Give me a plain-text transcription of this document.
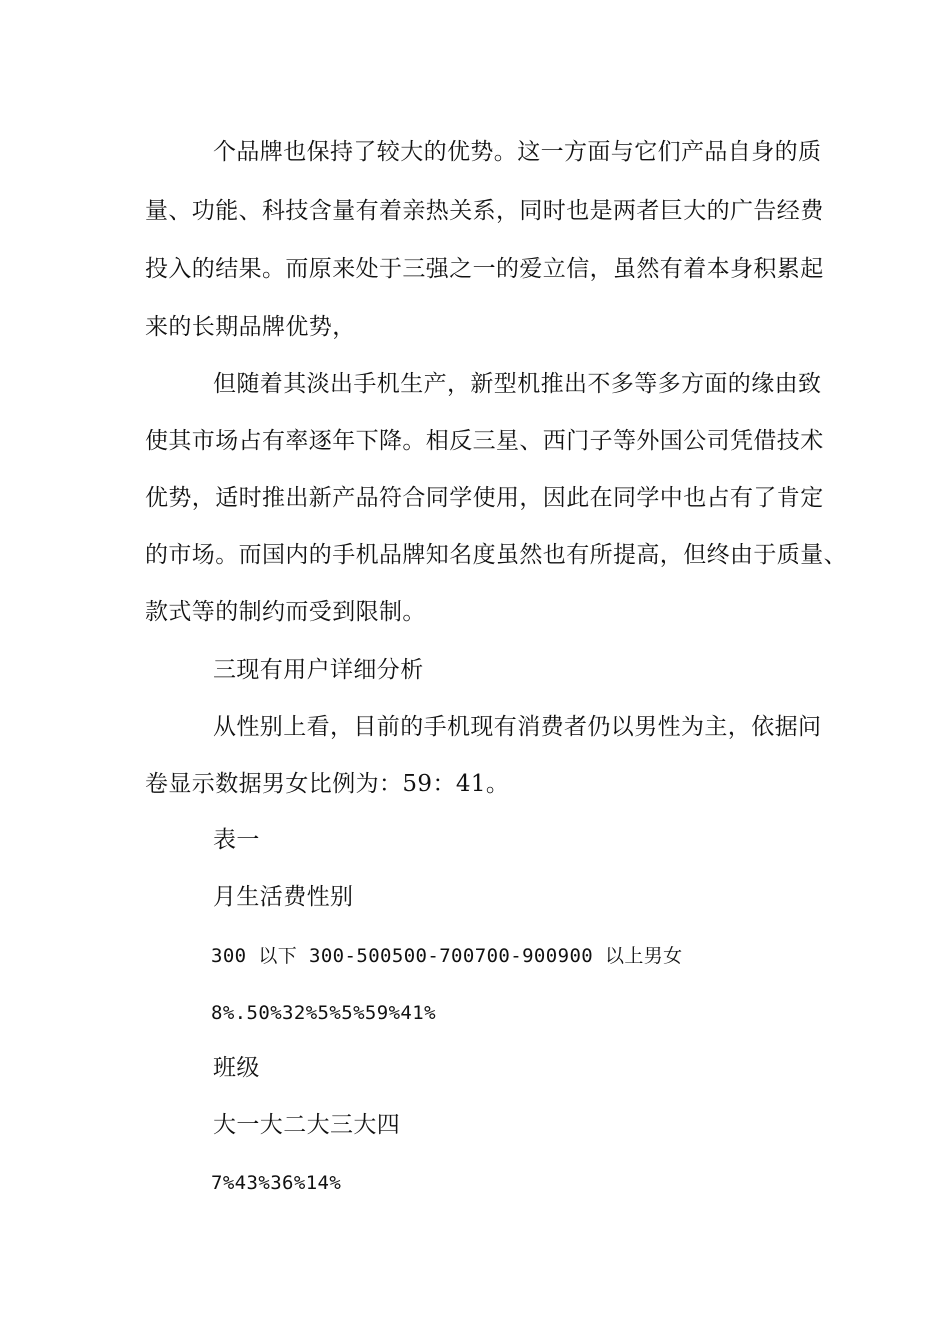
个品牌也保持了较大的优势。这一方面与它们产品自身的质
量、功能、科技含量有着亲热关系，同时也是两者巨大的广告经费
投入的结果。而原来处于三强之一的爱立信，虽然有着本身积累起
来的长期品牌优势，
但随着其淡出手机生产，新型机推出不多等多方面的缘由致
使其市场占有率逐年下降。相反三星、西门子等外国公司凭借技术
优势，适时推出新产品符合同学使用，因此在同学中也占有了肯定
的市场。而国内的手机品牌知名度虽然也有所提高，但终由于质量、
款式等的制约而受到限制。
三现有用户详细分析
从性别上看，目前的手机现有消费者仍以男性为主，依据问
卷显示数据男女比例为：59：41。
表一
月生活费性别
300 以下 300-500500-700700-900900 以上男女
8%.50%32%5%5%59%41%
班级
大一大二大三大四
7%43%36%14%
